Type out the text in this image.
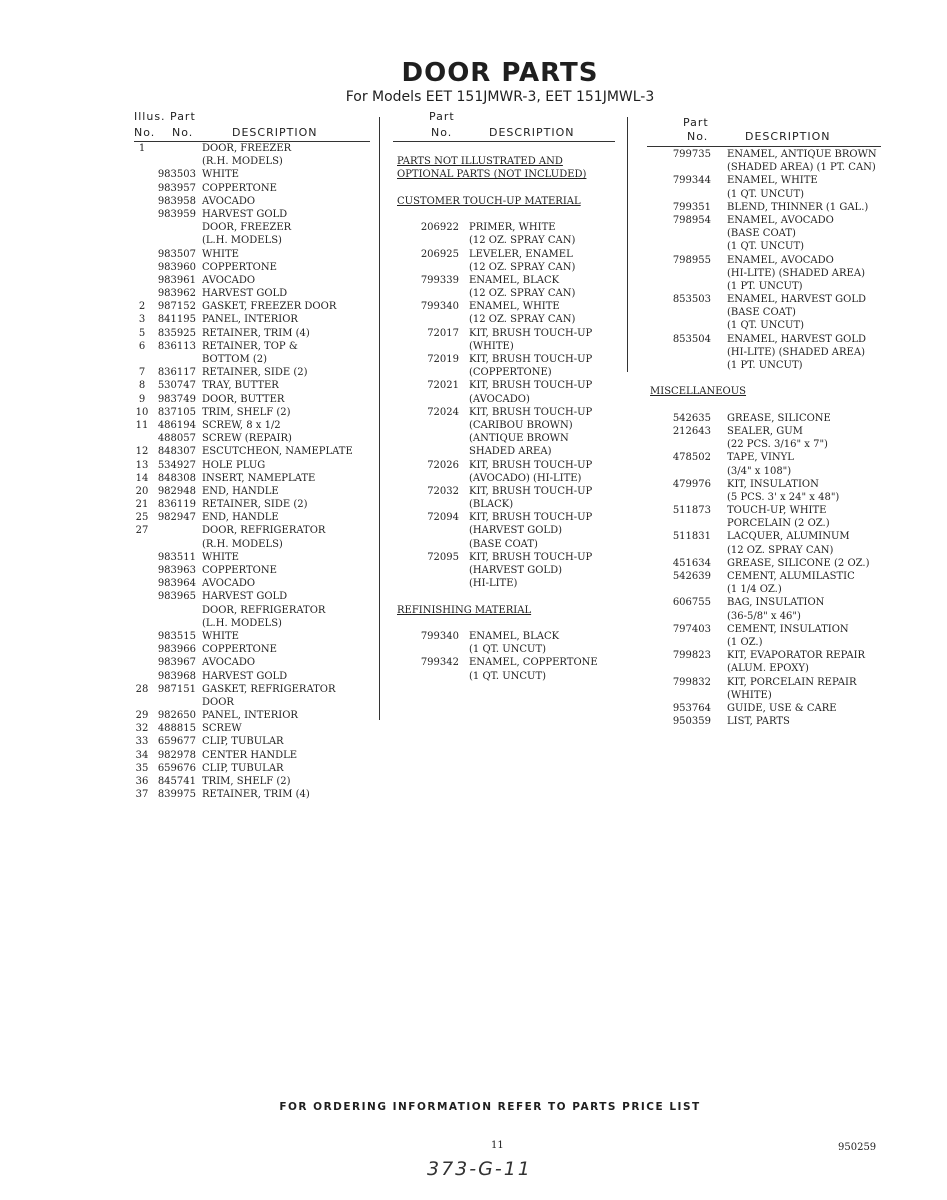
DOOR PARTS
For Models EET 151JMWR-3, EET 151JMWL-3
Illus. Part
No. No.	DESCRIPTION
1	DOOR, FREEZER
(R.H. MODELS)
983503 WHITE
983957 COPPERTONE
983958 AVOCADO
983959 HARVEST GOLD
DOOR, FREEZER
(L.H. MODELS)
983507 WHITE
983960 COPPERTONE
983961 AVOCADO
983962 HARVEST GOLD
2	987152 GASKET, FREEZER DOOR
3	841195 PANEL, INTERIOR
5	835925 RETAINER, TRIM (4)
6	836113 RETAINER, TOP &
BOTTOM (2)
7	836117 RETAINER, SIDE (2)
8	530747 TRAY, BUTTER
9	983749 DOOR, BUTTER
10 837105 TRIM, SHELF (2)
11 486194 SCREW, 8 x 1/2
488057 SCREW (REPAIR)
12 848307 ESCUTCHEON, NAMEPLATE
13 534927 HOLE PLUG
14 848308 INSERT, NAMEPLATE
20 982948 END, HANDLE
21 836119 RETAINER, SIDE (2)
25 982947 END, HANDLE
27	DOOR, REFRIGERATOR
(R.H. MODELS)
983511 WHITE
983963 COPPERTONE
983964 AVOCADO
983965 HARVEST GOLD
DOOR, REFRIGERATOR
(L.H. MODELS)
983515 WHITE
983966 COPPERTONE
983967 AVOCADO
983968 HARVEST GOLD
28 987151 GASKET, REFRIGERATOR
DOOR
29 982650 PANEL, INTERIOR
32 488815 SCREW
33 659677 CLIP, TUBULAR
34 982978 CENTER HANDLE
35 659676 CLIP, TUBULAR
36 845741 TRIM, SHELF (2)
37 839975 RETAINER, TRIM (4)
Part
No.	DESCRIPTION
PARTS NOT ILLUSTRATED AND
OPTIONAL PARTS (NOT INCLUDED)
CUSTOMER TOUCH-UP MATERIAL
206922 PRIMER, WHITE
(12 OZ. SPRAY CAN)
206925 LEVELER, ENAMEL
(12 OZ. SPRAY CAN)
799339 ENAMEL, BLACK
(12 OZ. SPRAY CAN)
799340 ENAMEL, WHITE
(12 OZ. SPRAY CAN)
72017 KIT, BRUSH TOUCH-UP
(WHITE)
72019 KIT, BRUSH TOUCH-UP
(COPPERTONE)
72021 KIT, BRUSH TOUCH-UP
(AVOCADO)
72024 KIT, BRUSH TOUCH-UP
(CARIBOU BROWN)
(ANTIQUE BROWN
SHADED AREA)
72026 KIT, BRUSH TOUCH-UP
(AVOCADO) (HI-LITE)
72032 KIT, BRUSH TOUCH-UP
(BLACK)
72094 KIT, BRUSH TOUCH-UP
(HARVEST GOLD)
(BASE COAT)
72095 KIT, BRUSH TOUCH-UP
(HARVEST GOLD)
(HI-LITE)
REFINISHING MATERIAL
799340 ENAMEL, BLACK
(1 QT. UNCUT)
799342 ENAMEL, COPPERTONE
(1 QT. UNCUT)
Part
No.	DESCRIPTION
799735 ENAMEL, ANTIQUE BROWN
(SHADED AREA) (1 PT. CAN)
799344 ENAMEL, WHITE
(1 QT. UNCUT)
799351 BLEND, THINNER (1 GAL.)
798954 ENAMEL, AVOCADO
(BASE COAT)
(1 QT. UNCUT)
798955 ENAMEL, AVOCADO
(HI-LITE) (SHADED AREA)
(1 PT. UNCUT)
853503 ENAMEL, HARVEST GOLD
(BASE COAT)
(1 QT. UNCUT)
853504 ENAMEL, HARVEST GOLD
(HI-LITE) (SHADED AREA)
(1 PT. UNCUT)
MISCELLANEOUS
542635 GREASE, SILICONE
212643 SEALER, GUM
(22 PCS. 3/16" x 7")
478502 TAPE, VINYL
(3/4" x 108")
479976 KIT, INSULATION
(5 PCS. 3' x 24" x 48")
511873 TOUCH-UP, WHITE
PORCELAIN (2 OZ.)
511831 LACQUER, ALUMINUM
(12 OZ. SPRAY CAN)
451634 GREASE, SILICONE (2 OZ.)
542639 CEMENT, ALUMILASTIC
(1 1/4 OZ.)
606755 BAG, INSULATION
(36-5/8" x 46")
797403 CEMENT, INSULATION
(1 OZ.)
799823 KIT, EVAPORATOR REPAIR
(ALUM. EPOXY)
799832 KIT, PORCELAIN REPAIR
(WHITE)
953764 GUIDE, USE & CARE
950359 LIST, PARTS
FOR ORDERING INFORMATION REFER TO PARTS PRICE LIST
11	950259
373-G-11
